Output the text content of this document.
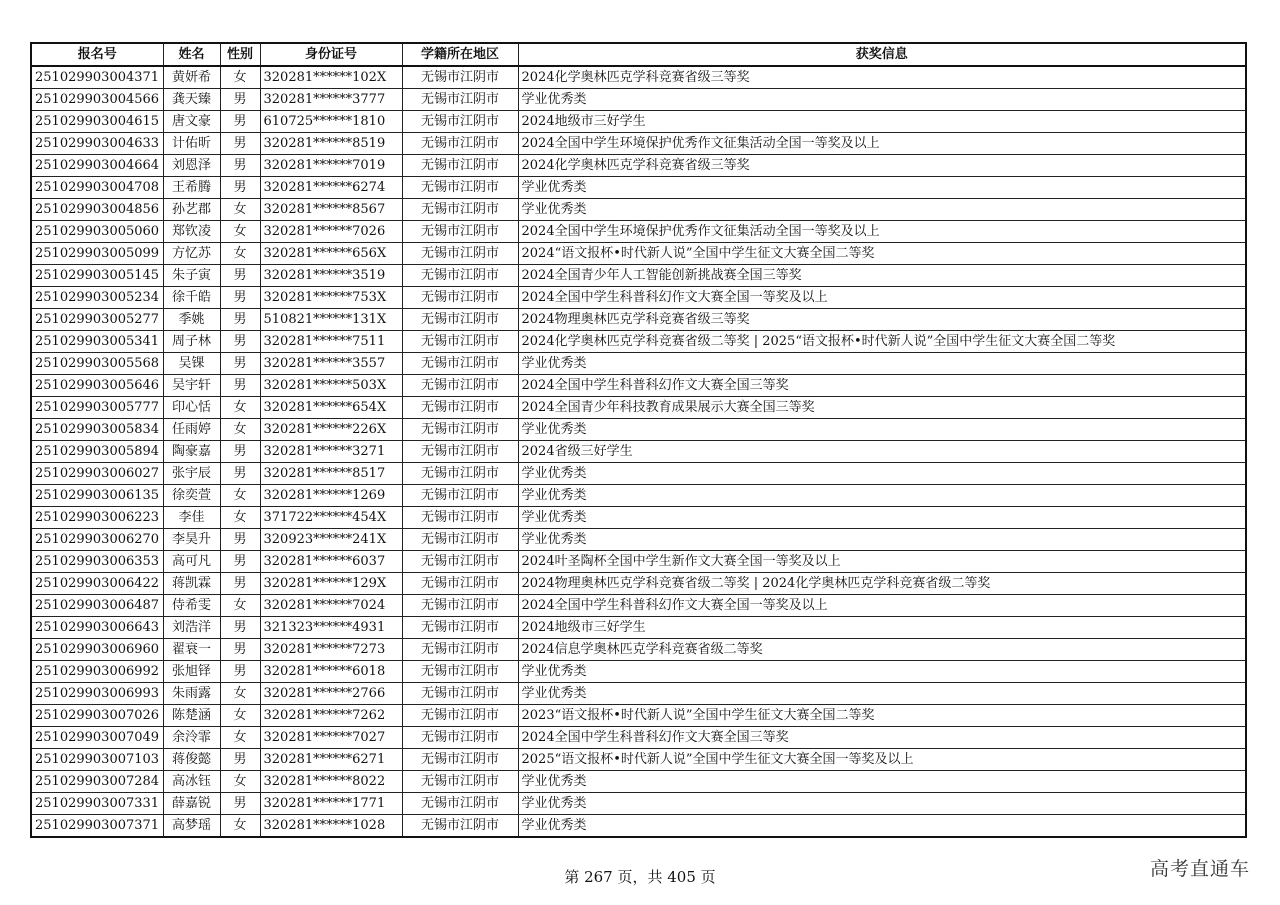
报名号	姓名	性别	身份证号	学籍所在地区	获奖信息
251029903004371	黄妍希	女	320281******102X	无锡市江阴市	2024化学奥林匹克学科竞赛省级三等奖
251029903004566	龚天臻	男	320281******3777	无锡市江阴市	学业优秀类
251029903004615	唐文豪	男	610725******1810	无锡市江阴市	2024地级市三好学生
251029903004633	计佑昕	男	320281******8519	无锡市江阴市	2024全国中学生环境保护优秀作文征集活动全国一等奖及以上
251029903004664	刘恩泽	男	320281******7019	无锡市江阴市	2024化学奥林匹克学科竞赛省级三等奖
251029903004708	王希腾	男	320281******6274	无锡市江阴市	学业优秀类
251029903004856	孙艺郡	女	320281******8567	无锡市江阴市	学业优秀类
251029903005060	郑钦凌	女	320281******7026	无锡市江阴市	2024全国中学生环境保护优秀作文征集活动全国一等奖及以上
251029903005099	方忆苏	女	320281******656X	无锡市江阴市	2024“语文报杯•时代新人说”全国中学生征文大赛全国二等奖
251029903005145	朱子寅	男	320281******3519	无锡市江阴市	2024全国青少年人工智能创新挑战赛全国三等奖
251029903005234	徐千皓	男	320281******753X	无锡市江阴市	2024全国中学生科普科幻作文大赛全国一等奖及以上
251029903005277	季姚	男	510821******131X	无锡市江阴市	2024物理奥林匹克学科竞赛省级三等奖
251029903005341	周子林	男	320281******7511	无锡市江阴市	2024化学奥林匹克学科竞赛省级二等奖 | 2025“语文报杯•时代新人说”全国中学生征文大赛全国二等奖
251029903005568	吴锞	男	320281******3557	无锡市江阴市	学业优秀类
251029903005646	吴宇轩	男	320281******503X	无锡市江阴市	2024全国中学生科普科幻作文大赛全国三等奖
251029903005777	印心恬	女	320281******654X	无锡市江阴市	2024全国青少年科技教育成果展示大赛全国三等奖
251029903005834	任雨婷	女	320281******226X	无锡市江阴市	学业优秀类
251029903005894	陶豪嘉	男	320281******3271	无锡市江阴市	2024省级三好学生
251029903006027	张宇辰	男	320281******8517	无锡市江阴市	学业优秀类
251029903006135	徐奕萱	女	320281******1269	无锡市江阴市	学业优秀类
251029903006223	李佳	女	371722******454X	无锡市江阴市	学业优秀类
251029903006270	李昊升	男	320923******241X	无锡市江阴市	学业优秀类
251029903006353	高可凡	男	320281******6037	无锡市江阴市	2024叶圣陶杯全国中学生新作文大赛全国一等奖及以上
251029903006422	蒋凯霖	男	320281******129X	无锡市江阴市	2024物理奥林匹克学科竞赛省级二等奖 | 2024化学奥林匹克学科竞赛省级二等奖
251029903006487	侍希雯	女	320281******7024	无锡市江阴市	2024全国中学生科普科幻作文大赛全国一等奖及以上
251029903006643	刘浩洋	男	321323******4931	无锡市江阴市	2024地级市三好学生
251029903006960	翟衰一	男	320281******7273	无锡市江阴市	2024信息学奥林匹克学科竞赛省级二等奖
251029903006992	张旭铎	男	320281******6018	无锡市江阴市	学业优秀类
251029903006993	朱雨露	女	320281******2766	无锡市江阴市	学业优秀类
251029903007026	陈楚涵	女	320281******7262	无锡市江阴市	2023“语文报杯•时代新人说”全国中学生征文大赛全国二等奖
251029903007049	余泠霏	女	320281******7027	无锡市江阴市	2024全国中学生科普科幻作文大赛全国三等奖
251029903007103	蒋俊懿	男	320281******6271	无锡市江阴市	2025“语文报杯•时代新人说”全国中学生征文大赛全国一等奖及以上
251029903007284	高冰钰	女	320281******8022	无锡市江阴市	学业优秀类
251029903007331	薛嘉锐	男	320281******1771	无锡市江阴市	学业优秀类
251029903007371	高梦瑶	女	320281******1028	无锡市江阴市	学业优秀类
第 267 页，共 405 页	高考直通车
